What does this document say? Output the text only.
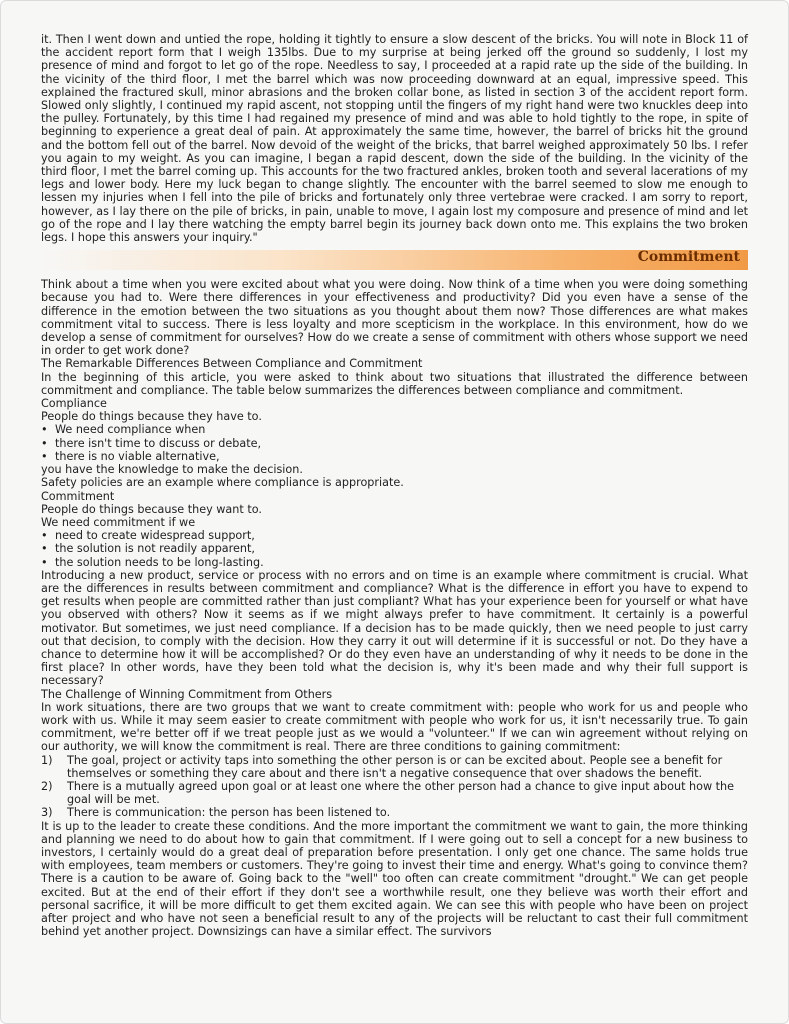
it. Then I went down and untied the rope, holding it tightly to ensure a slow descent of the bricks. You will note in Block 11 of the accident report form that I weigh 135lbs. Due to my surprise at being jerked off the ground so suddenly, I lost my presence of mind and forgot to let go of the rope. Needless to say, I proceeded at a rapid rate up the side of the building. In the vicinity of the third floor, I met the barrel which was now proceeding downward at an equal, impressive speed. This explained the fractured skull, minor abrasions and the broken collar bone, as listed in section 3 of the accident report form. Slowed only slightly, I continued my rapid ascent, not stopping until the fingers of my right hand were two knuckles deep into the pulley. Fortunately, by this time I had regained my presence of mind and was able to hold tightly to the rope, in spite of beginning to experience a great deal of pain. At approximately the same time, however, the barrel of bricks hit the ground and the bottom fell out of the barrel. Now devoid of the weight of the bricks, that barrel weighed approximately 50 lbs. I refer you again to my weight. As you can imagine, I began a rapid descent, down the side of the building. In the vicinity of the third floor, I met the barrel coming up. This accounts for the two fractured ankles, broken tooth and several lacerations of my legs and lower body. Here my luck began to change slightly. The encounter with the barrel seemed to slow me enough to lessen my injuries when I fell into the pile of bricks and fortunately only three vertebrae were cracked. I am sorry to report, however, as I lay there on the pile of bricks, in pain, unable to move, I again lost my composure and presence of mind and let go of the rope and I lay there watching the empty barrel begin its journey back down onto me. This explains the two broken legs. I hope this answers your inquiry."

Commitment

Think about a time when you were excited about what you were doing. Now think of a time when you were doing something because you had to. Were there differences in your effectiveness and productivity? Did you even have a sense of the difference in the emotion between the two situations as you thought about them now? Those differences are what makes commitment vital to success. There is less loyalty and more scepticism in the workplace. In this environment, how do we develop a sense of commitment for ourselves? How do we create a sense of commitment with others whose support we need in order to get work done?

The Remarkable Differences Between Compliance and Commitment

In the beginning of this article, you were asked to think about two situations that illustrated the difference between commitment and compliance. The table below summarizes the differences between compliance and commitment.

Compliance

People do things because they have to.

• We need compliance when
• there isn't time to discuss or debate,
• there is no viable alternative,

you have the knowledge to make the decision.

Safety policies are an example where compliance is appropriate.

Commitment

People do things because they want to.

We need commitment if we

• need to create widespread support,
• the solution is not readily apparent,
• the solution needs to be long-lasting.

Introducing a new product, service or process with no errors and on time is an example where commitment is crucial. What are the differences in results between commitment and compliance? What is the difference in effort you have to expend to get results when people are committed rather than just compliant? What has your experience been for yourself or what have you observed with others? Now it seems as if we might always prefer to have commitment. It certainly is a powerful motivator. But sometimes, we just need compliance. If a decision has to be made quickly, then we need people to just carry out that decision, to comply with the decision. How they carry it out will determine if it is successful or not. Do they have a chance to determine how it will be accomplished? Or do they even have an understanding of why it needs to be done in the first place? In other words, have they been told what the decision is, why it's been made and why their full support is necessary?

The Challenge of Winning Commitment from Others

In work situations, there are two groups that we want to create commitment with: people who work for us and people who work with us. While it may seem easier to create commitment with people who work for us, it isn't necessarily true. To gain commitment, we're better off if we treat people just as we would a "volunteer." If we can win agreement without relying on our authority, we will know the commitment is real. There are three conditions to gaining commitment:

1) The goal, project or activity taps into something the other person is or can be excited about. People see a benefit for themselves or something they care about and there isn't a negative consequence that over shadows the benefit.
2) There is a mutually agreed upon goal or at least one where the other person had a chance to give input about how the goal will be met.
3) There is communication: the person has been listened to.

It is up to the leader to create these conditions. And the more important the commitment we want to gain, the more thinking and planning we need to do about how to gain that commitment. If I were going out to sell a concept for a new business to investors, I certainly would do a great deal of preparation before presentation. I only get one chance. The same holds true with employees, team members or customers. They're going to invest their time and energy. What's going to convince them? There is a caution to be aware of. Going back to the "well" too often can create commitment "drought." We can get people excited. But at the end of their effort if they don't see a worthwhile result, one they believe was worth their effort and personal sacrifice, it will be more difficult to get them excited again. We can see this with people who have been on project after project and who have not seen a beneficial result to any of the projects will be reluctant to cast their full commitment behind yet another project. Downsizings can have a similar effect. The survivors
